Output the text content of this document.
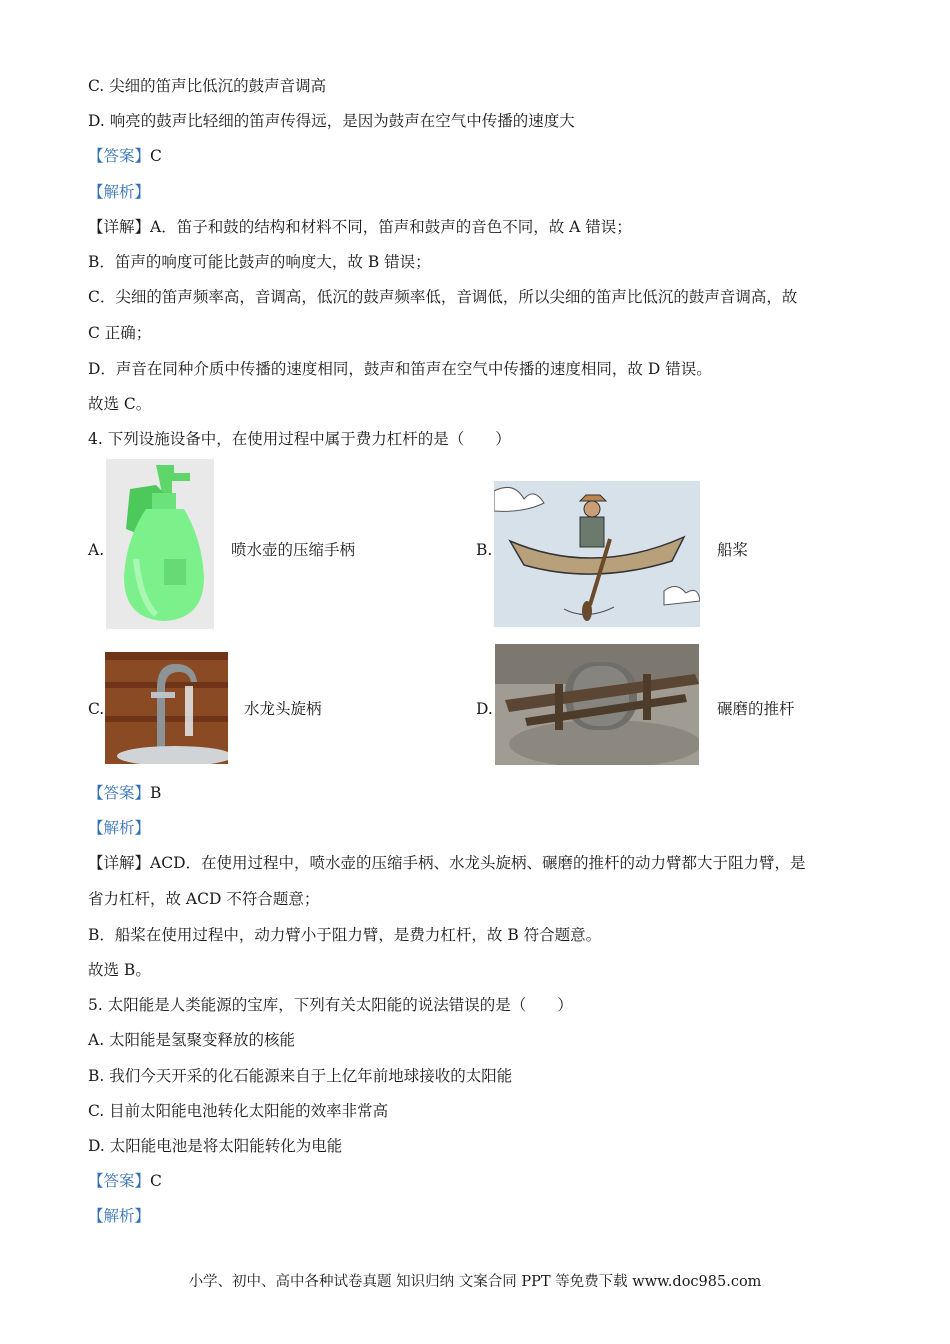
C. 尖细的笛声比低沉的鼓声音调高
D. 响亮的鼓声比轻细的笛声传得远，是因为鼓声在空气中传播的速度大
【答案】C
【解析】
【详解】A．笛子和鼓的结构和材料不同，笛声和鼓声的音色不同，故 A 错误；
B．笛声的响度可能比鼓声的响度大，故 B 错误；
C．尖细的笛声频率高，音调高，低沉的鼓声频率低，音调低，所以尖细的笛声比低沉的鼓声音调高，故
C 正确；
D．声音在同种介质中传播的速度相同，鼓声和笛声在空气中传播的速度相同，故 D 错误。
故选 C。
4. 下列设施设备中，在使用过程中属于费力杠杆的是（　　）
A.	喷水壶的压缩手柄	B.	船桨
C.	水龙头旋柄	D.	碾磨的推杆
【答案】B
【解析】
【详解】ACD．在使用过程中，喷水壶的压缩手柄、水龙头旋柄、碾磨的推杆的动力臂都大于阻力臂，是
省力杠杆，故 ACD 不符合题意；
B．船桨在使用过程中，动力臂小于阻力臂，是费力杠杆，故 B 符合题意。
故选 B。
5. 太阳能是人类能源的宝库，下列有关太阳能的说法错误的是（　　）
A. 太阳能是氢聚变释放的核能
B. 我们今天开采的化石能源来自于上亿年前地球接收的太阳能
C. 目前太阳能电池转化太阳能的效率非常高
D. 太阳能电池是将太阳能转化为电能
【答案】C
【解析】
小学、初中、高中各种试卷真题 知识归纳 文案合同 PPT 等免费下载 www.doc985.com
